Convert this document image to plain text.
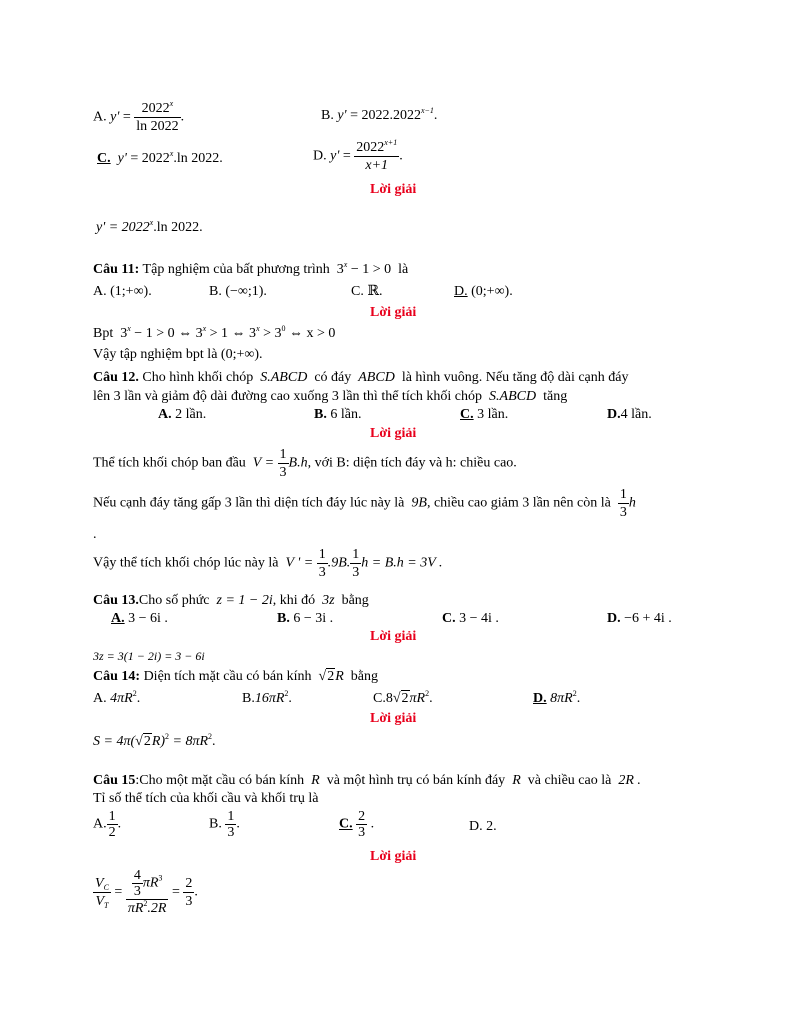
A. $y' = \frac{2022^x}{\ln 2022}$ .	B. $y' = 2022.2022^{x-1}$.
C. $y' = 2022^x.\ln$ 2022.	D. $y' = \frac{2022^{x+1}}{x+1}$ .
Lời giải
$y' = 2022^x.\ln$ 2022.
Câu 11: Tập nghiệm của bất phương trình $3^x - 1 > 0$ là
A. (1;+∞).	B. (−∞;1).	C. ℝ.	D. (0;+∞).
Lời giải
Bpt $3^x - 1 > 0$ ⇔ $3^x > 1$ ⇔ $3^x > 3^0$ ⇔ x > 0
Vậy tập nghiệm bpt là (0;+∞).
Câu 12. Cho hình khối chóp S.ABCD có đáy ABCD là hình vuông. Nếu tăng độ dài cạnh đáy
lên 3 lần và giảm độ dài đường cao xuống 3 lần thì thể tích khối chóp S.ABCD tăng
A. 2 lần.	B. 6 lần.	C. 3 lần.	D.4 lần.
Lời giải
Thể tích khối chóp ban đầu $V = \frac{1}{3} B.h$, với B: diện tích đáy và h: chiều cao.
Nếu cạnh đáy tăng gấp 3 lần thì diện tích đáy lúc này là 9B, chiều cao giảm 3 lần nên còn là $\frac{1}{3}$ h
.
Vậy thể tích khối chóp lúc này là V ' = $\frac{1}{3} .9B$. $\frac{1}{3}$ h = B.h = 3V .
Câu 13.Cho số phức z = 1 − 2i, khi đó 3z bằng
A. 3 − 6i .	B. 6 − 3i .	C. 3 − 4i .	D. −6 + 4i .
Lời giải
3z = 3(1 − 2i) = 3 − 6i
Câu 14: Diện tích mặt cầu có bán kính  √2R bằng
A. $4\pi R^2$.	$B.16\pi R^2$.	$C.8√2\pi R^2$.	D. $8\pi R^2$.
Lời giải
$S = 4\pi(√2R)^2 = 8\pi R^2$.
Câu 15:Cho một mặt cầu có bán kính R và một hình trụ có bán kính đáy R và chiều cao là 2R .
Tỉ số thể tích của khối cầu và khối trụ là
A. $\frac{1}{2}$ .	B. $\frac{1}{3}$ .	C. $\frac{2}{3}$ .	D. 2.
Lời giải
$\frac{V_C}{V_T} = \frac{\frac{4}{3} \pi R^3}{\pi R^2.2R} = \frac{2}{3}$ .
